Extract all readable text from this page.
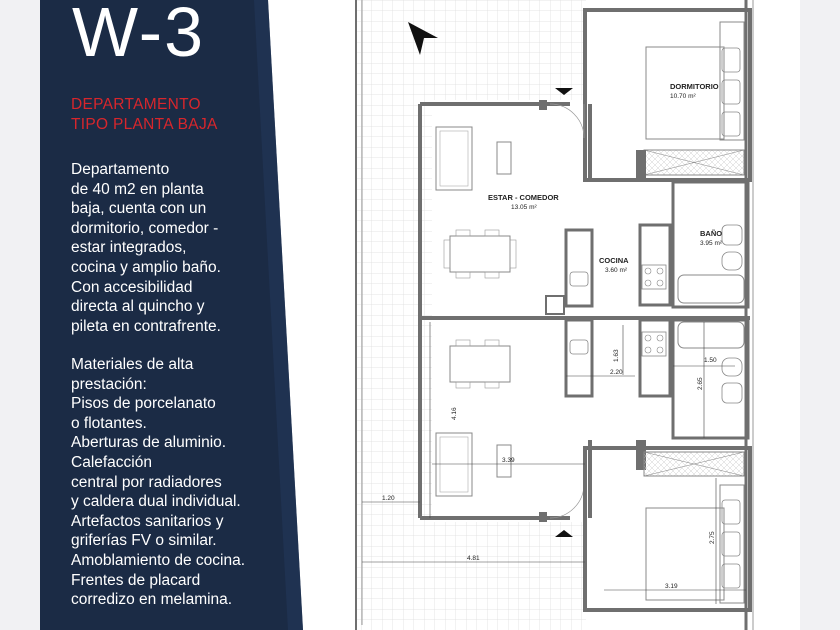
W-3
DEPARTAMENTO
TIPO PLANTA BAJA
Departamento
de 40 m2 en planta
baja, cuenta con un
dormitorio, comedor -
estar integrados,
cocina y amplio baño.
Con accesibilidad
directa al quincho y
pileta en contrafrente.
Materiales de alta
prestación:
Pisos de porcelanato
o flotantes.
Aberturas de aluminio.
Calefacción
central por radiadores
y caldera dual individual.
Artefactos sanitarios y
griferías FV o similar.
Amoblamiento de cocina.
Frentes de placard
corredizo en melamina.
DORMITORIO
10.70 m²
ESTAR - COMEDOR
13.05 m²
COCINA
3.60 m²
BAÑO
3.95 m²
1.63
2.20
1.50
2.65
4.16
3.39
1.20
4.81
2.75
3.19
